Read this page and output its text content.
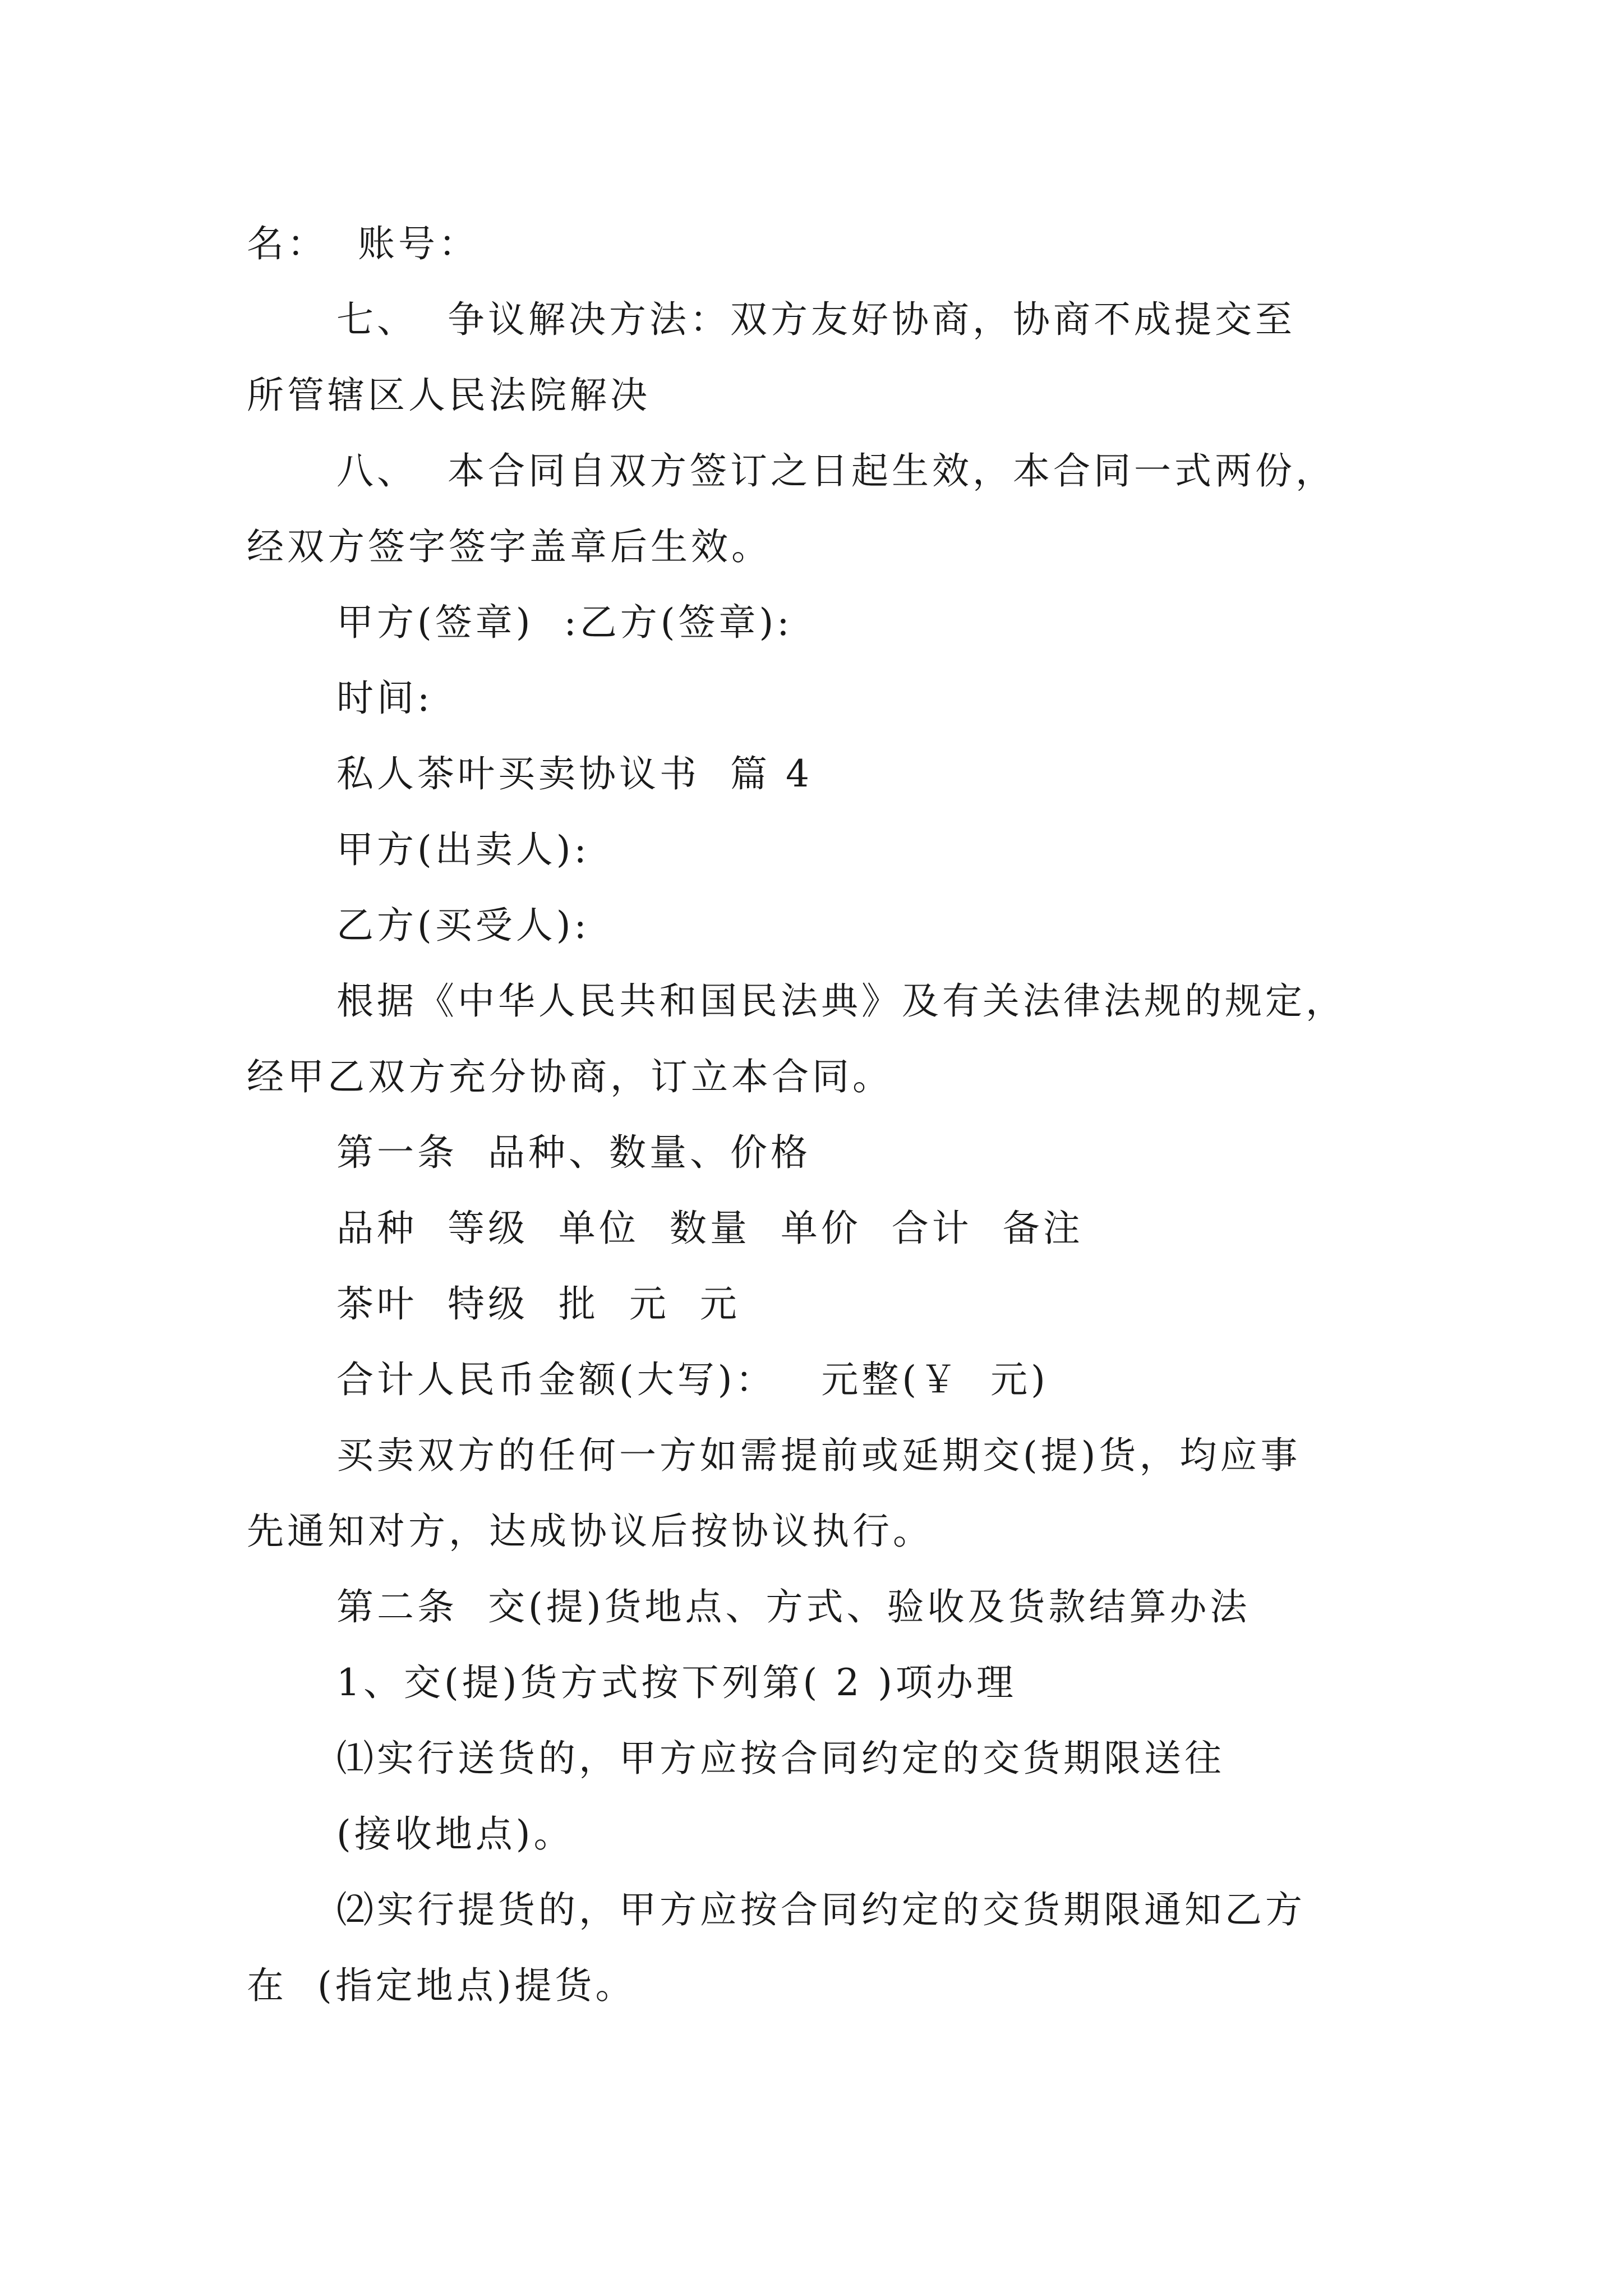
名：  账号：
七、  争议解决方法：双方友好协商，协商不成提交至
所管辖区人民法院解决
八、  本合同自双方签订之日起生效，本合同一式两份，
经双方签字签字盖章后生效。
甲方(签章)  :乙方(签章):
时间:
私人茶叶买卖协议书  篇 4
甲方(出卖人):
乙方(买受人):
根据《中华人民共和国民法典》及有关法律法规的规定，
经甲乙双方充分协商，订立本合同。
第一条  品种、数量、价格
品种  等级  单位  数量  单价  合计  备注
茶叶  特级  批  元  元
合计人民币金额(大写)：   元整(￥  元)
买卖双方的任何一方如需提前或延期交(提)货，均应事
先通知对方，达成协议后按协议执行。
第二条  交(提)货地点、方式、验收及货款结算办法
1、交(提)货方式按下列第( 2 )项办理
⑴实行送货的，甲方应按合同约定的交货期限送往
(接收地点)。
⑵实行提货的，甲方应按合同约定的交货期限通知乙方
在  (指定地点)提货。
